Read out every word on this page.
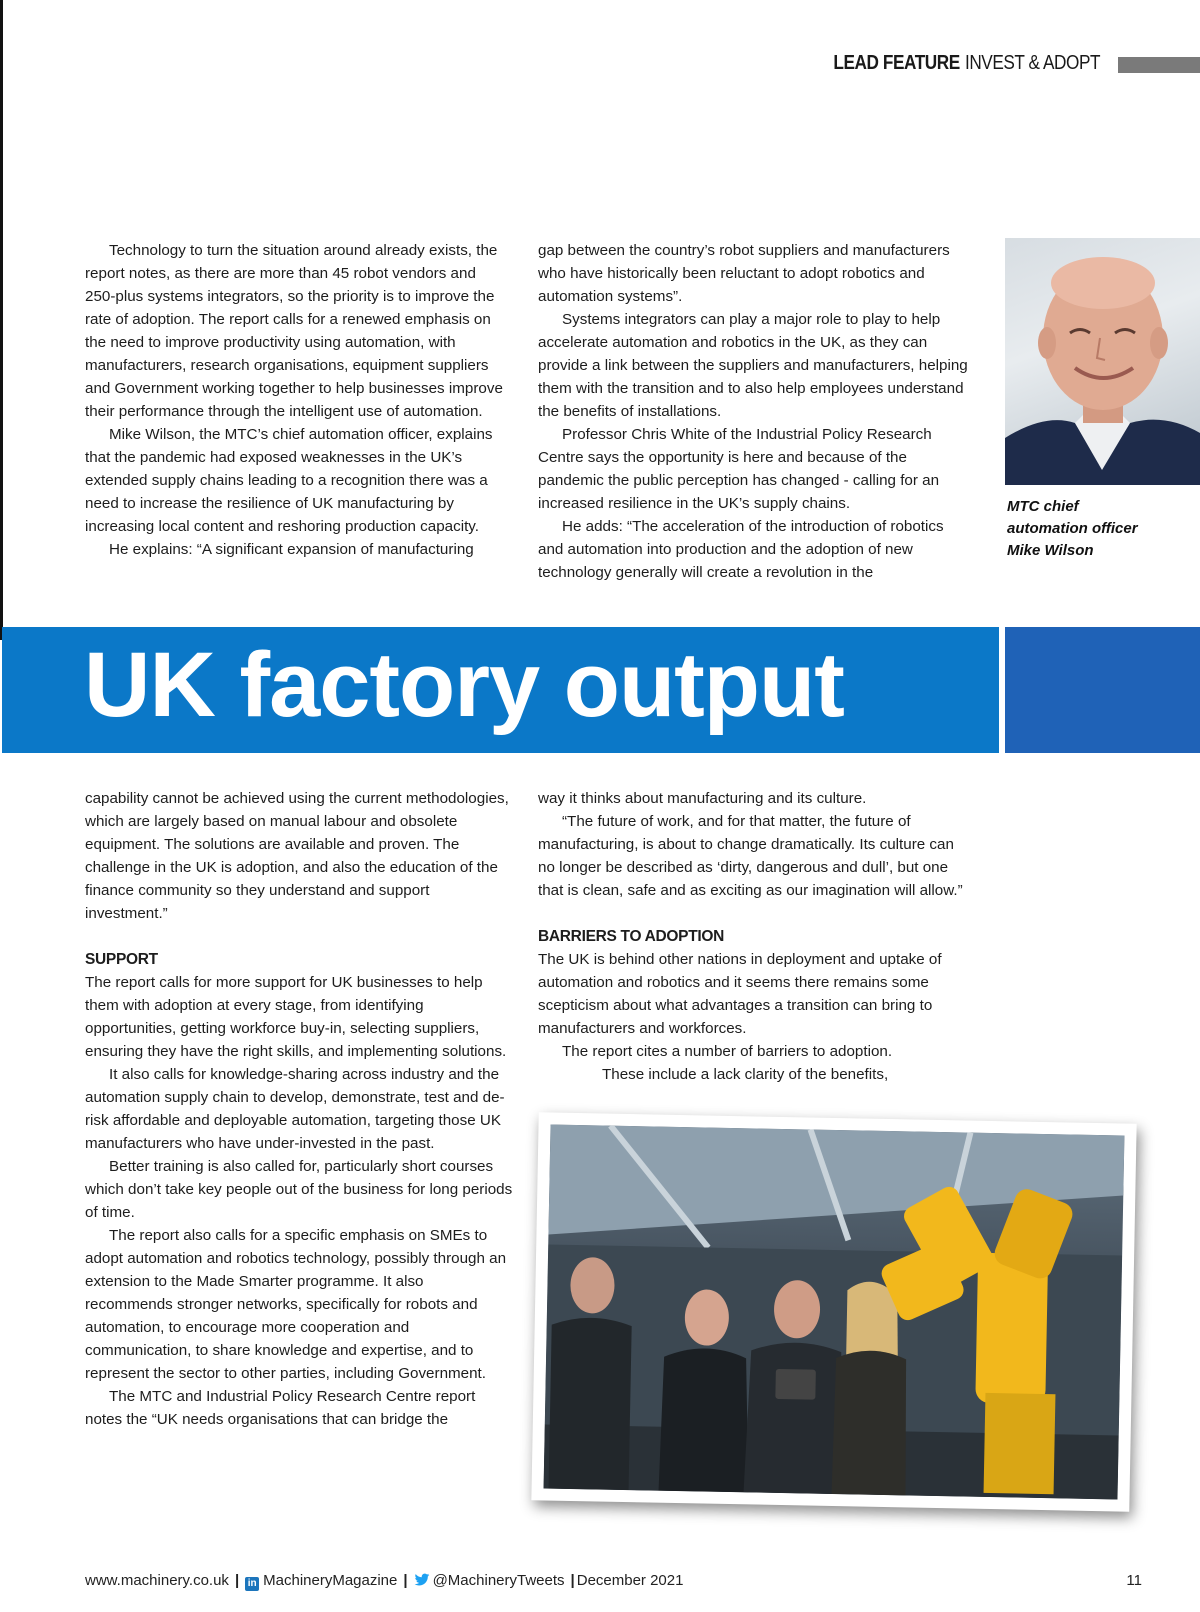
LEAD FEATURE INVEST & ADOPT

Technology to turn the situation around already exists, the report notes, as there are more than 45 robot vendors and 250-plus systems integrators, so the priority is to improve the rate of adoption. The report calls for a renewed emphasis on the need to improve productivity using automation, with manufacturers, research organisations, equipment suppliers and Government working together to help businesses improve their performance through the intelligent use of automation.

Mike Wilson, the MTC’s chief automation officer, explains that the pandemic had exposed weaknesses in the UK’s extended supply chains leading to a recognition there was a need to increase the resilience of UK manufacturing by increasing local content and reshoring production capacity.

He explains: “A significant expansion of manufacturing

gap between the country’s robot suppliers and manufacturers who have historically been reluctant to adopt robotics and automation systems”.

Systems integrators can play a major role to play to help accelerate automation and robotics in the UK, as they can provide a link between the suppliers and manufacturers, helping them with the transition and to also help employees understand the benefits of installations.

Professor Chris White of the Industrial Policy Research Centre says the opportunity is here and because of the pandemic the public perception has changed - calling for an increased resilience in the UK’s supply chains.

He adds: “The acceleration of the introduction of robotics and automation into production and the adoption of new technology generally will create a revolution in the

MTC chief
automation officer
Mike Wilson
UK factory output

capability cannot be achieved using the current methodologies, which are largely based on manual labour and obsolete equipment. The solutions are available and proven. The challenge in the UK is adoption, and also the education of the finance community so they understand and support investment.”

SUPPORT

The report calls for more support for UK businesses to help them with adoption at every stage, from identifying opportunities, getting workforce buy-in, selecting suppliers, ensuring they have the right skills, and implementing solutions.

It also calls for knowledge-sharing across industry and the automation supply chain to develop, demonstrate, test and de-risk affordable and deployable automation, targeting those UK manufacturers who have under-invested in the past.

Better training is also called for, particularly short courses which don’t take key people out of the business for long periods of time.

The report also calls for a specific emphasis on SMEs to adopt automation and robotics technology, possibly through an extension to the Made Smarter programme. It also recommends stronger networks, specifically for robots and automation, to encourage more cooperation and communication, to share knowledge and expertise, and to represent the sector to other parties, including Government.

The MTC and Industrial Policy Research Centre report notes the “UK needs organisations that can bridge the

way it thinks about manufacturing and its culture.

“The future of work, and for that matter, the future of manufacturing, is about to change dramatically. Its culture can no longer be described as ‘dirty, dangerous and dull’, but one that is clean, safe and as exciting as our imagination will allow.”

BARRIERS TO ADOPTION

The UK is behind other nations in deployment and uptake of automation and robotics and it seems there remains some scepticism about what advantages a transition can bring to manufacturers and workforces.

The report cites a number of barriers to adoption.

These include a lack clarity of the benefits,

www.machinery.co.uk | in MachineryMagazine | @MachineryTweets | December 2021	11
